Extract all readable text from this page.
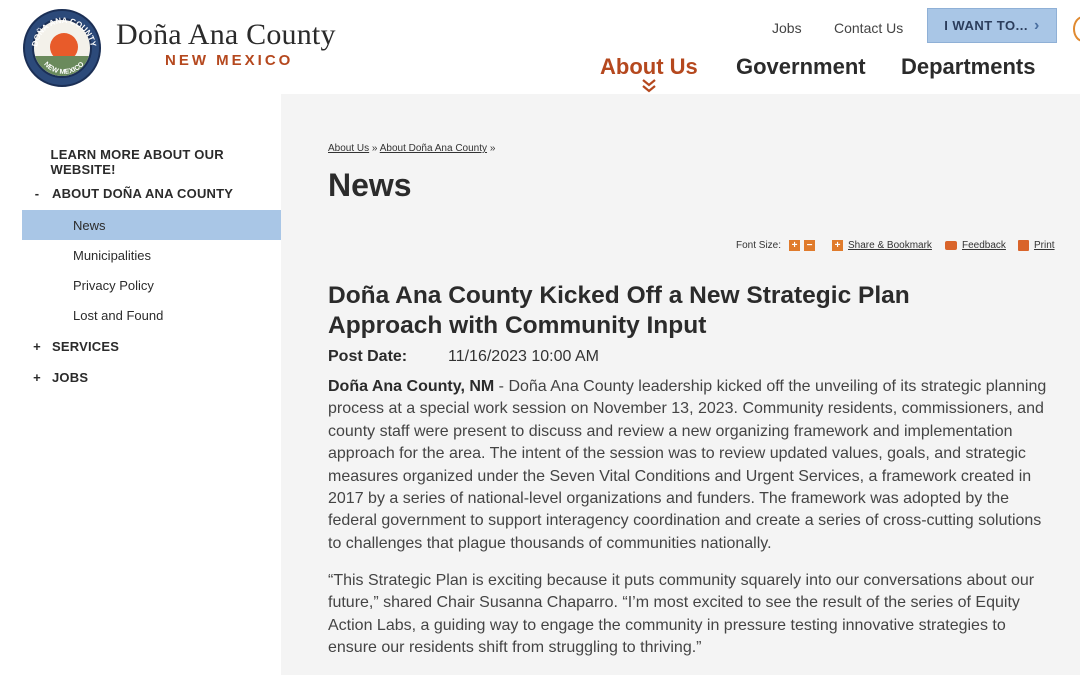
DOÑA ANA COUNTY
NEW MEXICO
Doña Ana County
NEW MEXICO
Jobs Contact Us	I WANT TO... ›
About Us Government Departments
LEARN MORE ABOUT OUR WEBSITE!
- ABOUT DOÑA ANA COUNTY
News
Municipalities
Privacy Policy
Lost and Found
+ SERVICES
+ JOBS
About Us » About Doña Ana County »
News
Font Size: + − + Share & Bookmark	Feedback	Print
Doña Ana County Kicked Off a New Strategic Plan Approach with Community Input
Post Date:	11/16/2023 10:00 AM

Doña Ana County, NM - Doña Ana County leadership kicked off the unveiling of its strategic planning process at a special work session on November 13, 2023. Community residents, commissioners, and county staff were present to discuss and review a new organizing framework and implementation approach for the area. The intent of the session was to review updated values, goals, and strategic measures organized under the Seven Vital Conditions and Urgent Services, a framework created in 2017 by a series of national-level organizations and funders. The framework was adopted by the federal government to support interagency coordination and create a series of cross-cutting solutions to challenges that plague thousands of communities nationally.

“This Strategic Plan is exciting because it puts community squarely into our conversations about our future,” shared Chair Susanna Chaparro. “I’m most excited to see the result of the series of Equity Action Labs, a guiding way to engage the community in pressure testing innovative strategies to ensure our residents shift from struggling to thriving.”
